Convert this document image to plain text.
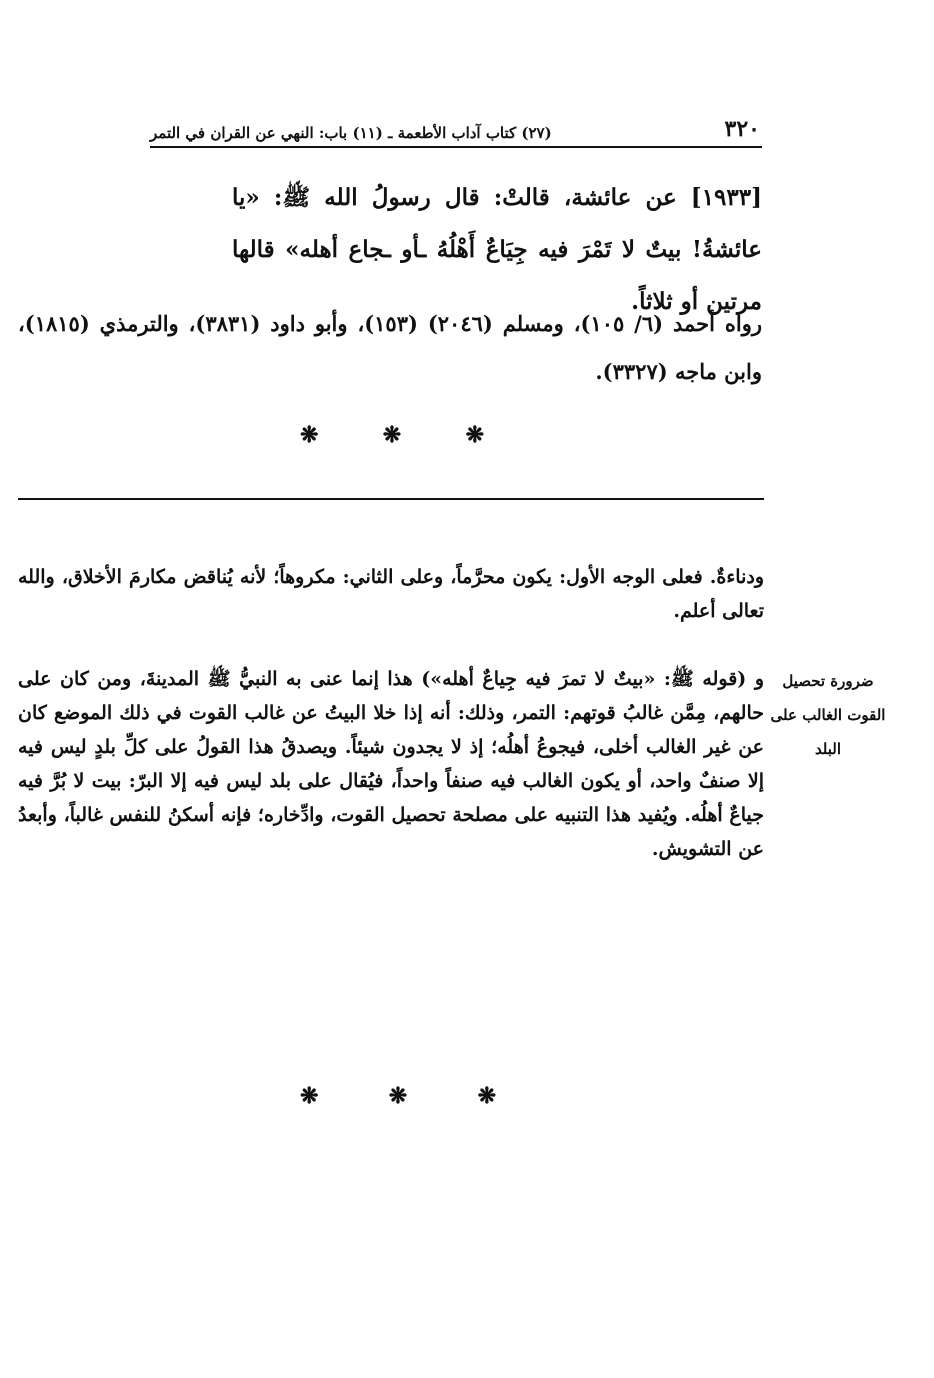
٣٢٠
(٢٧) كتاب آداب الأطعمة ـ (١١) باب: النهي عن القران في التمر
[١٩٣٣] عن عائشة، قالتْ: قال رسولُ الله ﷺ: «يا عائشةُ! بيتٌ لا تَمْرَ فيه جِيَاعٌ أَهْلُهُ ـأو ـجاع أهله» قالها مرتين أو ثلاثاً.
رواه أحمد (٦/ ١٠٥)، ومسلم (٢٠٤٦) (١٥٣)، وأبو داود (٣٨٣١)، والترمذي (١٨١٥)، وابن ماجه (٣٣٢٧).
❋
❋
❋
ودناءةٌ. فعلى الوجه الأول: يكون محرَّماً، وعلى الثاني: مكروهاً؛ لأنه يُناقض مكارمَ الأخلاق، والله تعالى أعلم.
ضرورة تحصيل القوت الغالب على البلد
و (قوله ﷺ: «بيتٌ لا تمرَ فيه جِياعٌ أهله») هذا إنما عنى به النبيُّ ﷺ المدينةَ، ومن كان على حالهم، مِمَّن غالبُ قوتهم: التمر، وذلك: أنه إذا خلا البيتُ عن غالب القوت في ذلك الموضع كان عن غير الغالب أخلى، فيجوعُ أهلُه؛ إذ لا يجدون شيئاً. ويصدقُ هذا القولُ على كلِّ بلدٍ ليس فيه إلا صنفٌ واحد، أو يكون الغالب فيه صنفاً واحداً، فيُقال على بلد ليس فيه إلا البرّ: بيت لا بُرَّ فيه جياعٌ أهلُه. ويُفيد هذا التنبيه على مصلحة تحصيل القوت، وادِّخاره؛ فإنه أسكنُ للنفس غالباً، وأبعدُ عن التشويش.
❋
❋
❋
